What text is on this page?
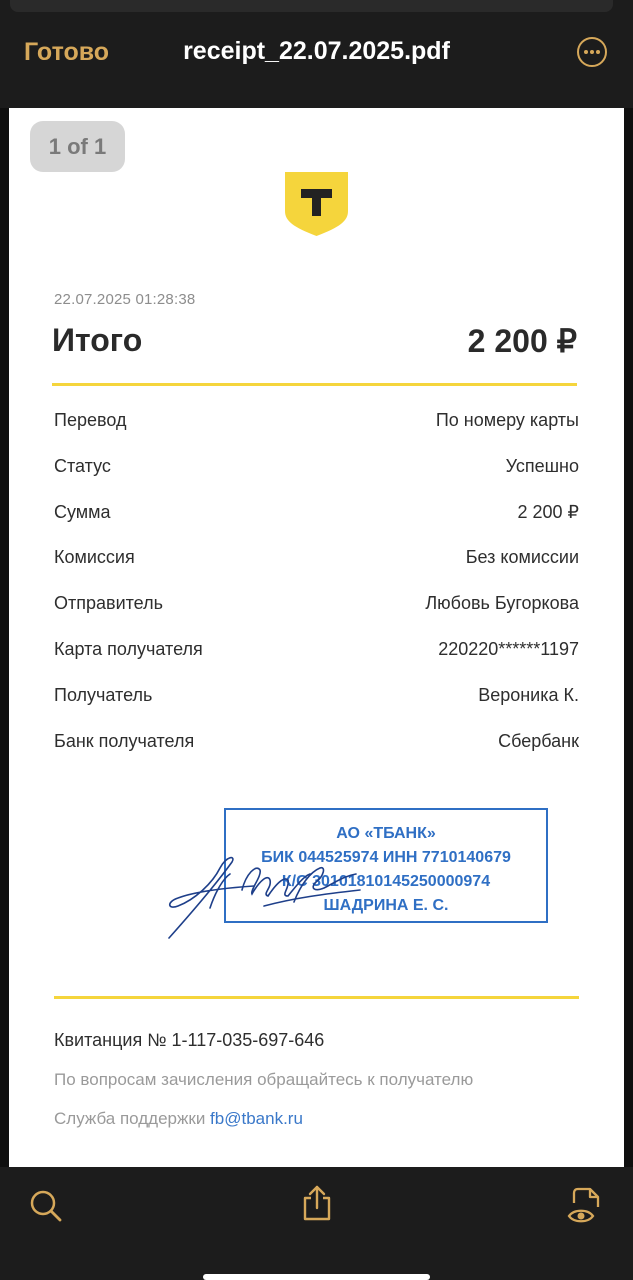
Готово	receipt_22.07.2025.pdf
1 of 1
22.07.2025 01:28:38
Итого	2 200 ₽
Перевод	По номеру карты
Статус	Успешно
Сумма	2 200 ₽
Комиссия	Без комиссии
Отправитель	Любовь Бугоркова
Карта получателя	220220******1197
Получатель	Вероника К.
Банк получателя	Сбербанк
АО «ТБАНК»
БИК 044525974 ИНН 7710140679
К/С 30101810145250000974
ШАДРИНА Е. С.
Квитанция № 1-117-035-697-646
По вопросам зачисления обращайтесь к получателю
Служба поддержки fb@tbank.ru
